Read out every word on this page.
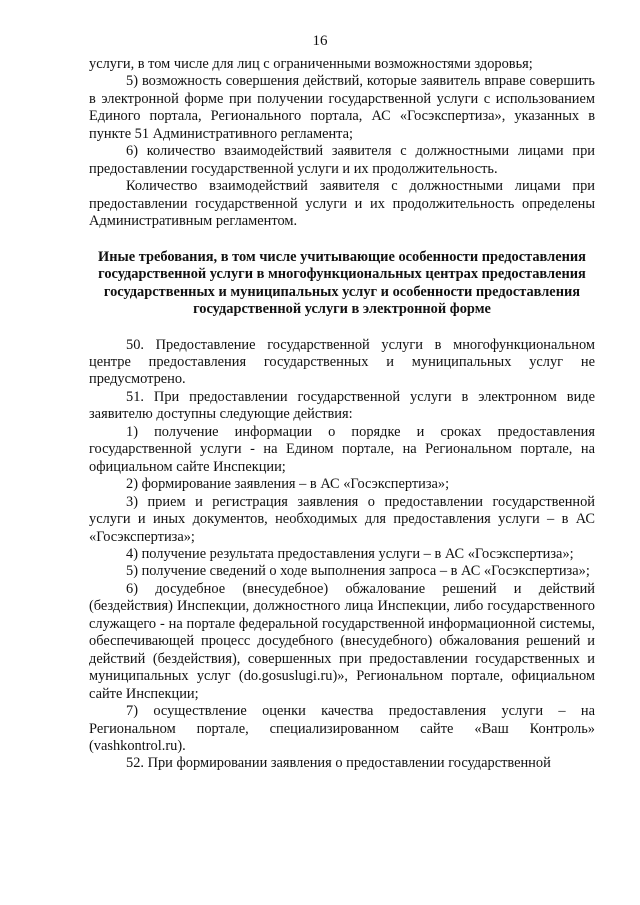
16

услуги, в том числе для лиц с ограниченными возможностями здоровья;

5) возможность совершения действий, которые заявитель вправе совершить в электронной форме при получении государственной услуги с использованием Единого портала, Регионального портала, АС «Госэкспертиза», указанных в пункте 51 Административного регламента;

6) количество взаимодействий заявителя с должностными лицами при предоставлении государственной услуги и их продолжительность.

Количество взаимодействий заявителя с должностными лицами при предоставлении государственной услуги и их продолжительность определены Административным регламентом.

Иные требования, в том числе учитывающие особенности предоставления государственной услуги в многофункциональных центрах предоставления государственных и муниципальных услуг и особенности предоставления государственной услуги в электронной форме

50. Предоставление государственной услуги в многофункциональном центре предоставления государственных и муниципальных услуг не предусмотрено.

51. При предоставлении государственной услуги в электронном виде заявителю доступны следующие действия:

1) получение информации о порядке и сроках предоставления государственной услуги - на Едином портале, на Региональном портале, на официальном сайте Инспекции;

2) формирование заявления – в АС «Госэкспертиза»;

3) прием и регистрация заявления о предоставлении государственной услуги и иных документов, необходимых для предоставления услуги – в АС «Госэкспертиза»;

4) получение результата предоставления услуги – в АС «Госэкспертиза»;

5) получение сведений о ходе выполнения запроса – в АС «Госэкспертиза»;

6) досудебное (внесудебное) обжалование решений и действий (бездействия) Инспекции, должностного лица Инспекции, либо государственного служащего - на портале федеральной государственной информационной системы, обеспечивающей процесс досудебного (внесудебного) обжалования решений и действий (бездействия), совершенных при предоставлении государственных и муниципальных услуг (do.gosuslugi.ru)», Региональном портале, официальном сайте Инспекции;

7) осуществление оценки качества предоставления услуги – на Региональном портале, специализированном сайте «Ваш Контроль» (vashkontrol.ru).

52. При формировании заявления о предоставлении государственной
